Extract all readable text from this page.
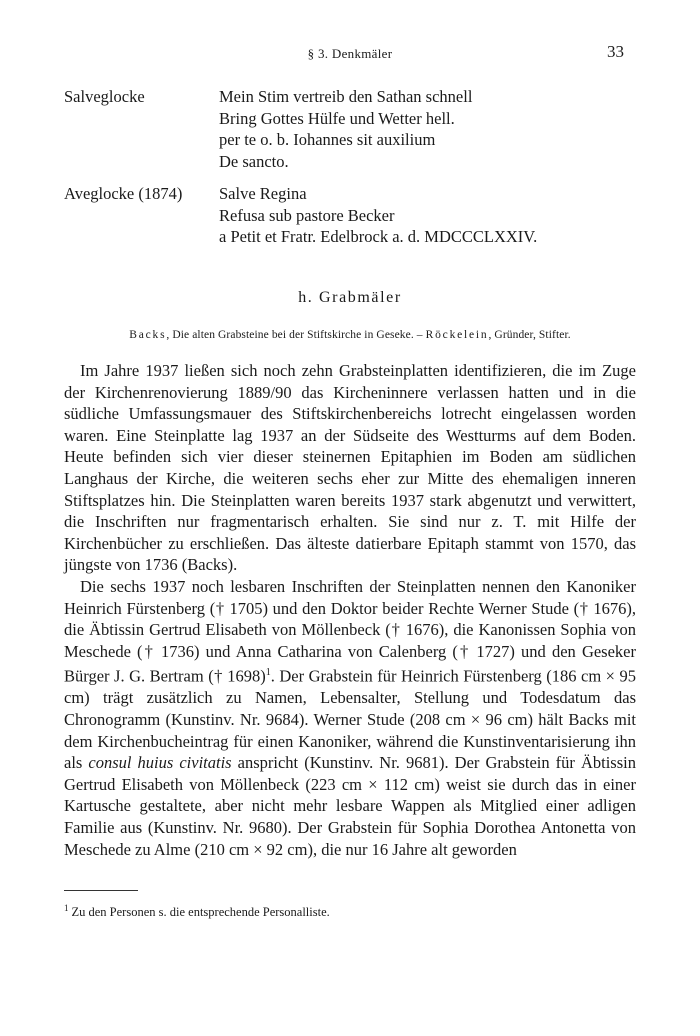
§ 3. Denkmäler	33
Salveglocke	Mein Stim vertreib den Sathan schnell
Bring Gottes Hülfe und Wetter hell.
per te o. b. Iohannes sit auxilium
De sancto.
Aveglocke (1874)	Salve Regina
Refusa sub pastore Becker
a Petit et Fratr. Edelbrock a. d. MDCCCLXXIV.
h. Grabmäler
Backs, Die alten Grabsteine bei der Stiftskirche in Geseke. – Röckelein, Gründer, Stifter.

Im Jahre 1937 ließen sich noch zehn Grabsteinplatten identifizieren, die im Zuge der Kirchenrenovierung 1889/90 das Kircheninnere verlassen hatten und in die südliche Umfassungsmauer des Stiftskirchenbereichs lotrecht eingelassen worden waren. Eine Steinplatte lag 1937 an der Südseite des Westturms auf dem Boden. Heute befinden sich vier dieser steinernen Epitaphien im Boden am südlichen Langhaus der Kirche, die weiteren sechs eher zur Mitte des ehemaligen inneren Stiftsplatzes hin. Die Steinplatten waren bereits 1937 stark abgenutzt und verwittert, die Inschriften nur fragmentarisch erhalten. Sie sind nur z. T. mit Hilfe der Kirchenbücher zu erschließen. Das älteste datierbare Epitaph stammt von 1570, das jüngste von 1736 (Backs).

Die sechs 1937 noch lesbaren Inschriften der Steinplatten nennen den Kanoniker Heinrich Fürstenberg († 1705) und den Doktor beider Rechte Werner Stude († 1676), die Äbtissin Gertrud Elisabeth von Möllenbeck († 1676), die Kanonissen Sophia von Meschede († 1736) und Anna Catharina von Calenberg († 1727) und den Geseker Bürger J. G. Bertram († 1698)$^1$. Der Grabstein für Heinrich Fürstenberg (186 cm × 95 cm) trägt zusätzlich zu Namen, Lebensalter, Stellung und Todesdatum das Chronogramm (Kunstinv. Nr. 9684). Werner Stude (208 cm × 96 cm) hält Backs mit dem Kirchenbucheintrag für einen Kanoniker, während die Kunstinventarisierung ihn als consul huius civitatis anspricht (Kunstinv. Nr. 9681). Der Grabstein für Äbtissin Gertrud Elisabeth von Möllenbeck (223 cm × 112 cm) weist sie durch das in einer Kartusche gestaltete, aber nicht mehr lesbare Wappen als Mitglied einer adligen Familie aus (Kunstinv. Nr. 9680). Der Grabstein für Sophia Dorothea Antonetta von Meschede zu Alme (210 cm × 92 cm), die nur 16 Jahre alt geworden

$^1$ Zu den Personen s. die entsprechende Personalliste.
